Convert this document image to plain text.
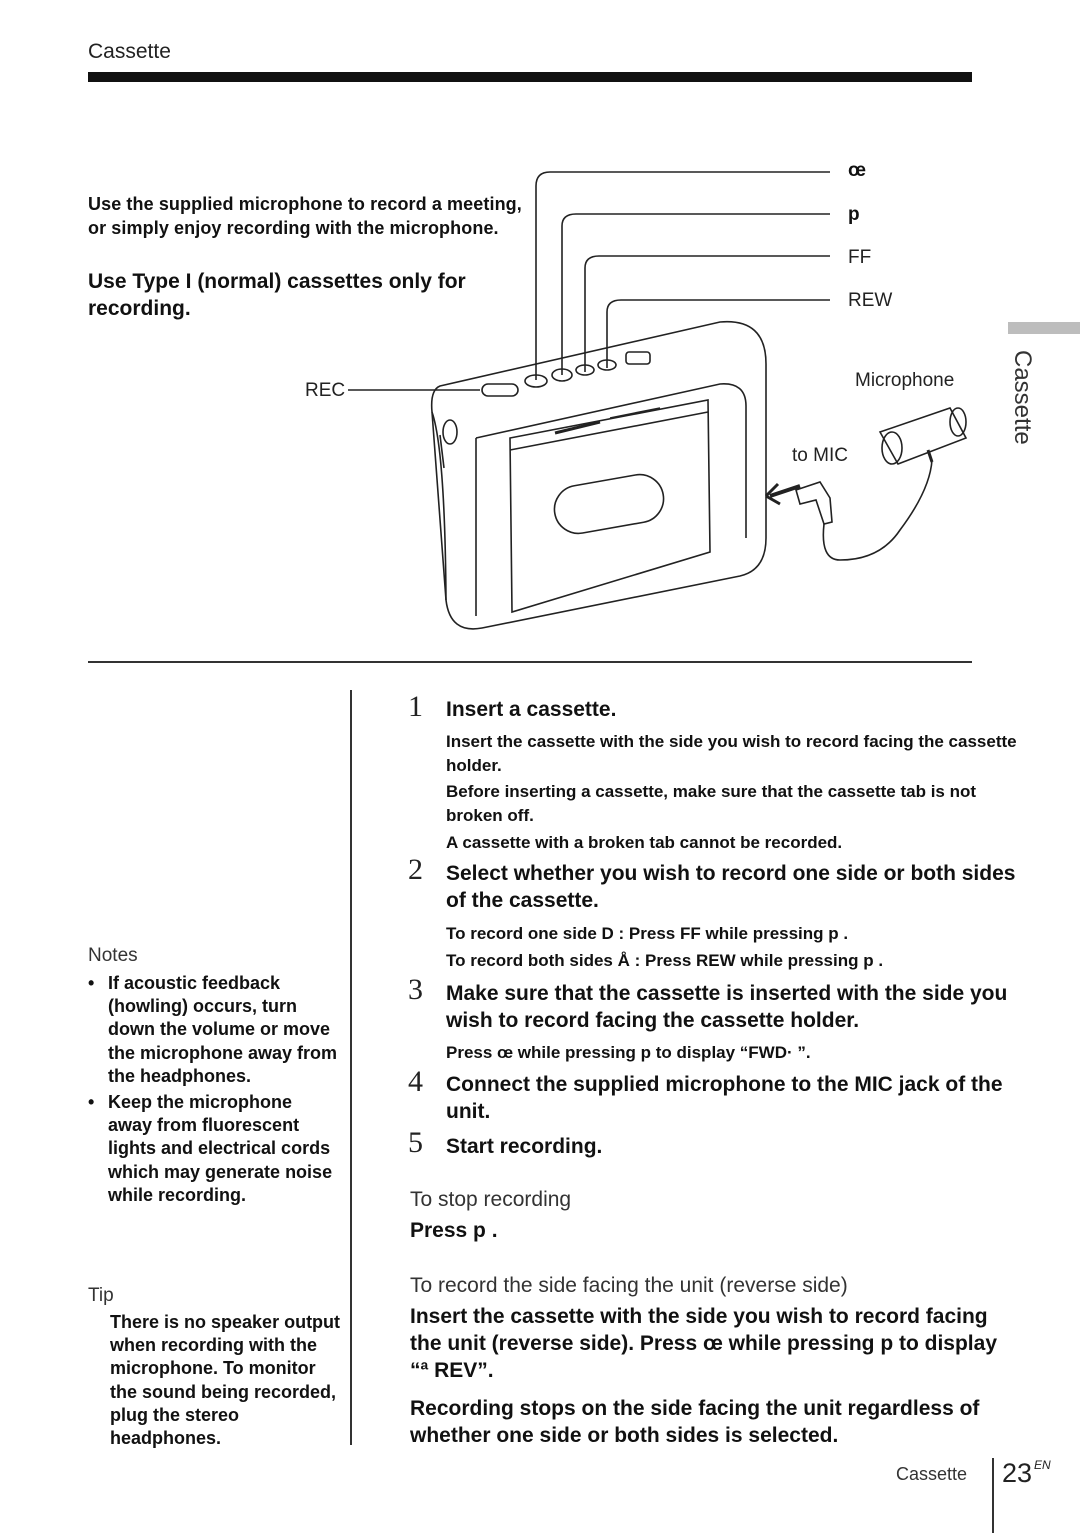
Cassette
Use the supplied microphone to record a meeting, or simply enjoy recording with the microphone.
Use Type I (normal) cassettes only for recording.
œ
p
FF
REW
REC	Microphone
to MIC
Cassette
Notes
• If acoustic feedback (howling) occurs, turn down the volume or move the microphone away from the headphones.
• Keep the microphone away from fluorescent lights and electrical cords which may generate noise while recording.
Tip
There is no speaker output when recording with the microphone. To monitor the sound being recorded, plug the stereo headphones.
1 Insert a cassette.
Insert the cassette with the side you wish to record facing the cassette holder.
Before inserting a cassette, make sure that the cassette tab is not broken off.
A cassette with a broken tab cannot be recorded.
2 Select whether you wish to record one side or both sides of the cassette.
To record one side D : Press FF while pressing p .
To record both sides Å : Press REW while pressing p .
3 Make sure that the cassette is inserted with the side you wish to record facing the cassette holder.
Press œ while pressing p to display “FWD· ”.
4 Connect the supplied microphone to the MIC jack of the unit.
5 Start recording.
To stop recording
Press p .
To record the side facing the unit (reverse side)
Insert the cassette with the side you wish to record facing the unit (reverse side). Press œ while pressing p to display “ª REV”.
Recording stops on the side facing the unit regardless of whether one side or both sides is selected.
Cassette 23 $^{EN}$
